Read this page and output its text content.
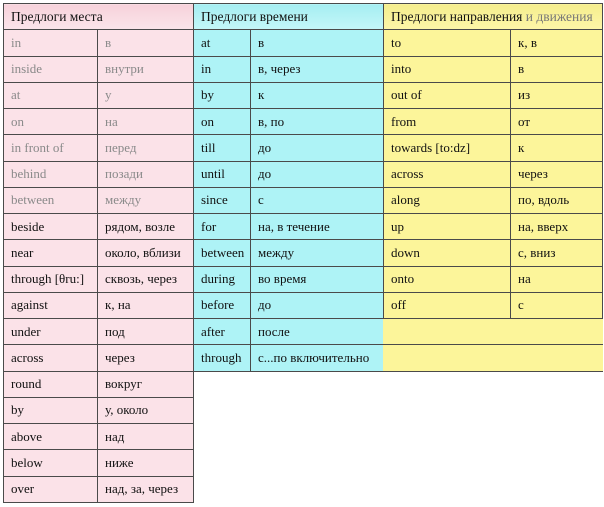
Предлоги места	

in	в
inside	внутри
at	у
on	на
in front of	перед
behind	позади
between	между
beside	рядом, возле
near	около, вблизи
through [θru:]	сквозь, через
against	к, на
under	под
across	через
round	вокруг
by	у, около
above	над
below	ниже
over	над, за, через
Предлоги времени	
at	в
in	в, через
by	к
on	в, по
till	до
until	до
since	с
for	на, в течение
between	между
during	во время
before	до
after	после
through	с...по включительно
Предлоги направления и движения	
to	к, в
into	в
out of	из
from	от
towards [to:dz]	к
across	через
along	по, вдоль
up	на, вверх
down	с, вниз
onto	на
off	с
